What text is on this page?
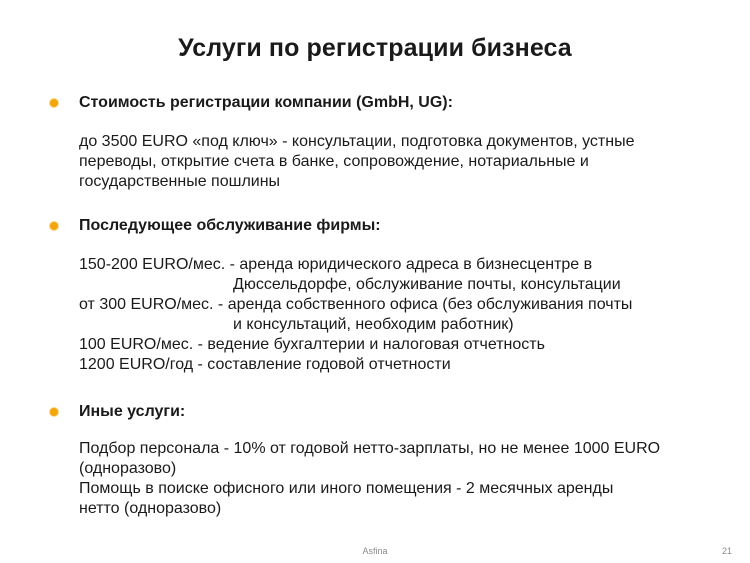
Услуги по регистрации бизнеса
Стоимость регистрации компании (GmbH, UG):
до 3500 EURO «под ключ» - консультации, подготовка документов, устные
переводы, открытие счета в банке, сопровождение, нотариальные и
государственные пошлины
Последующее обслуживание фирмы:
150-200 EURO/мес. - аренда юридического адреса в бизнесцентре в
Дюссельдорфе, обслуживание почты, консультации
от 300 EURO/мес. - аренда собственного офиса (без обслуживания почты
и консультаций, необходим работник)
100 EURO/мес. - ведение бухгалтерии и налоговая отчетность
1200 EURO/год - составление годовой отчетности
Иные услуги:
Подбор персонала - 10% от годовой нетто-зарплаты, но не менее 1000 EURO
(одноразово)
Помощь в поиске офисного или иного помещения - 2 месячных аренды
нетто (одноразово)
Asfina	21
